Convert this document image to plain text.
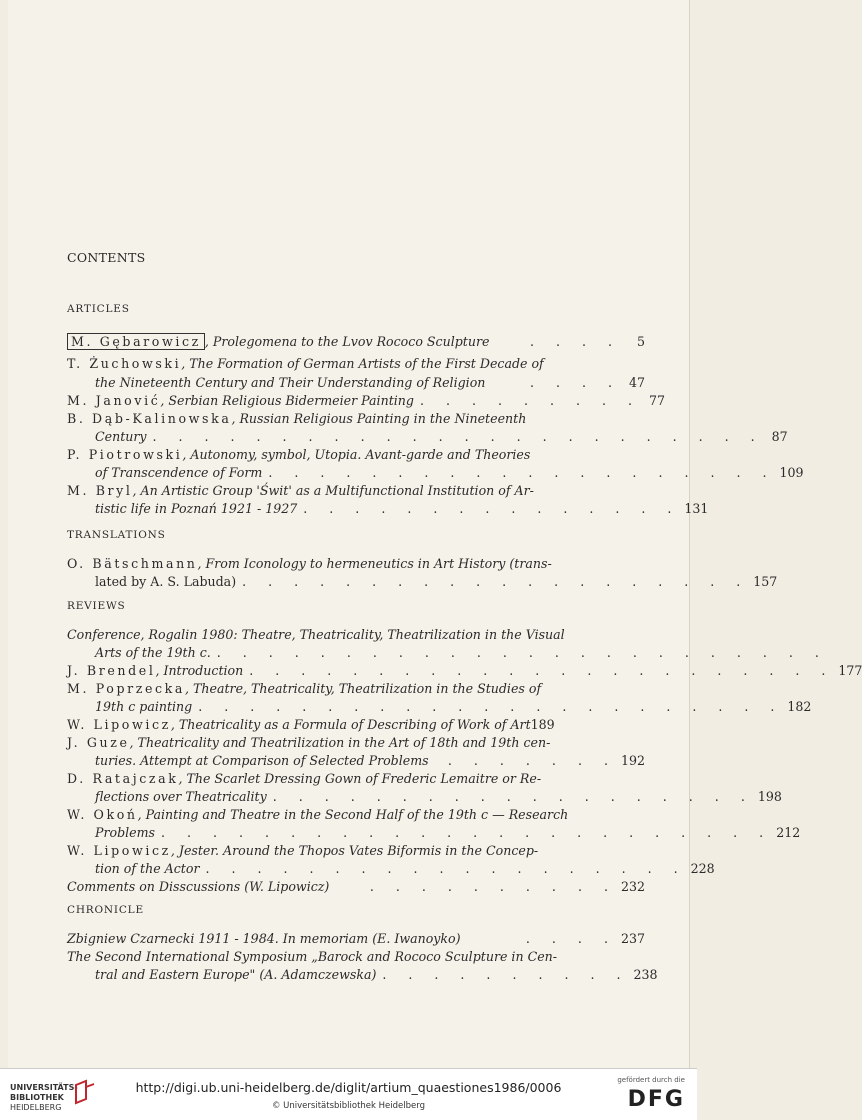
CONTENTS
ARTICLES
M. Gębarowicz , Prolegomena to the Lvov Rococo Sculpture	. . . .	5
T. Żuchowski, The Formation of German Artists of the First Decade of
the Nineteenth Century and Their Understanding of Religion	. . . . 47
M. Janović, Serbian Religious Bidermeier Painting . . . . . . . . . 77
B. Dąb-Kalinowska, Russian Religious Painting in the Nineteenth
Century . . . . . . . . . . . . . . . . . . . . . . . . 87
P. Piotrowski, Autonomy, symbol, Utopia. Avant-garde and Theories
of Transcendence of Form . . . . . . . . . . . . . . . . . . . . 109
M. Bryl, An Artistic Group 'Świt' as a Multifunctional Institution of Ar-
tistic life in Poznań 1921 - 1927 . . . . . . . . . . . . . . . 131
TRANSLATIONS
O. Bätschmann, From Iconology to hermeneutics in Art History (trans-
lated by A. S. Labuda) . . . . . . . . . . . . . . . . . . . . 157
REVIEWS
Conference, Rogalin 1980: Theatre, Theatricality, Theatrilization in the Visual
Arts of the 19th c. . . . . . . . . . . . . . . . . . . . . . . . .
J. Brendel, Introduction . . . . . . . . . . . . . . . . . . . . . . . 177
M. Poprzecka, Theatre, Theatricality, Theatrilization in the Studies of
19th c painting . . . . . . . . . . . . . . . . . . . . . . . 182
W. Lipowicz, Theatricality as a Formula of Describing of Work of Art 189
J. Guze, Theatricality and Theatrilization in the Art of 18th and 19th cen-
turies. Attempt at Comparison of Selected Problems	. . . . . . . 192
D. Ratajczak, The Scarlet Dressing Gown of Frederic Lemaitre or Re-
flections over Theatricality . . . . . . . . . . . . . . . . . . . 198
W. Okoń, Painting and Theatre in the Second Half of the 19th c — Research
Problems . . . . . . . . . . . . . . . . . . . . . . . . 212
W. Lipowicz, Jester. Around the Thopos Vates Biformis in the Concep-
tion of the Actor . . . . . . . . . . . . . . . . . . . 228
Comments on Disscussions (W. Lipowicz)	. . . . . . . . . . 232
CHRONICLE
Zbigniew Czarnecki 1911 - 1984. In memoriam (E. Iwanoyko)	. . . . 237
The Second International Symposium „Barock and Rococo Sculpture in Cen-
tral and Eastern Europe" (A. Adamczewska) . . . . . . . . . . 238
UNIVERSITÄTS-
BIBLIOTHEK
HEIDELBERG
http://digi.ub.uni-heidelberg.de/diglit/artium_quaestiones1986/0006
© Universitätsbibliothek Heidelberg
gefördert durch die
DFG
